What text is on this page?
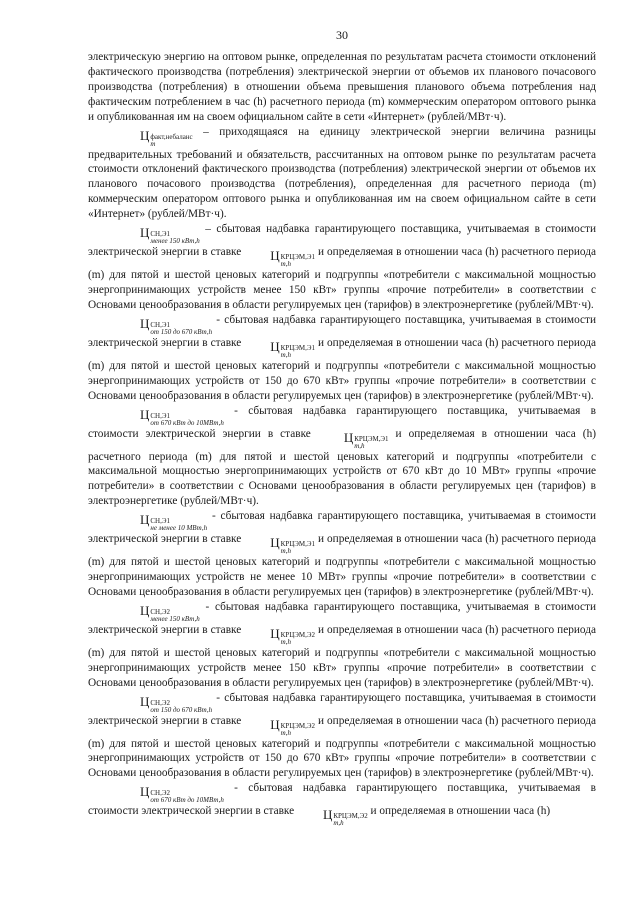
30

электрическую энергию на оптовом рынке, определенная по результатам расчета стоимости отклонений фактического производства (потребления) электрической энергии от объемов их планового почасового производства (потребления) в отношении объема превышения планового объема потребления над фактическим потреблением в час (h) расчетного периода (m) коммерческим оператором оптового рынка и опубликованная им на своем официальном сайте в сети «Интернет» (рублей/МВт·ч).

Ц факт,небаланс
m
– приходящаяся на единицу электрической энергии величина разницы предварительных требований и обязательств, рассчитанных на оптовом рынке по результатам расчета стоимости отклонений фактического производства (потребления) электрической энергии от объемов их планового почасового производства (потребления), определенная для расчетного периода (m) коммерческим оператором оптового рынка и опубликованная им на своем официальном сайте в сети «Интернет» (рублей/МВт·ч).

Ц СН,Э1
менее 150 кВт,h
– сбытовая надбавка гарантирующего поставщика, учитываемая в стоимости электрической энергии в ставке Ц КРЦЭМ,Э1
m,h
и определяемая в отношении часа (h) расчетного периода (m) для пятой и шестой ценовых категорий и подгруппы «потребители с максимальной мощностью энергопринимающих устройств менее 150 кВт» группы «прочие потребители» в соответствии с Основами ценообразования в области регулируемых цен (тарифов) в электроэнергетике (рублей/МВт·ч).

Ц СН,Э1
от 150 до 670 кВт,h
- сбытовая надбавка гарантирующего поставщика, учитываемая в стоимости электрической энергии в ставке Ц КРЦЭМ,Э1
m,h
и определяемая в отношении часа (h) расчетного периода (m) для пятой и шестой ценовых категорий и подгруппы «потребители с максимальной мощностью энергопринимающих устройств от 150 до 670 кВт» группы «прочие потребители» в соответствии с Основами ценообразования в области регулируемых цен (тарифов) в электроэнергетике (рублей/МВт·ч).

Ц СН,Э1
от 670 кВт до 10МВт,h
- сбытовая надбавка гарантирующего поставщика, учитываемая в стоимости электрической энергии в ставке Ц КРЦЭМ,Э1
m,h
и определяемая в отношении часа (h) расчетного периода (m) для пятой и шестой ценовых категорий и подгруппы «потребители с максимальной мощностью энергопринимающих устройств от 670 кВт до 10 МВт» группы «прочие потребители» в соответствии с Основами ценообразования в области регулируемых цен (тарифов) в электроэнергетике (рублей/МВт·ч).

Ц СН,Э1
не менее 10 МВт,h
- сбытовая надбавка гарантирующего поставщика, учитываемая в стоимости электрической энергии в ставке Ц КРЦЭМ,Э1
m,h
и определяемая в отношении часа (h) расчетного периода (m) для пятой и шестой ценовых категорий и подгруппы «потребители с максимальной мощностью энергопринимающих устройств не менее 10 МВт» группы «прочие потребители» в соответствии с Основами ценообразования в области регулируемых цен (тарифов) в электроэнергетике (рублей/МВт·ч).

Ц СН,Э2
менее 150 кВт,h
- сбытовая надбавка гарантирующего поставщика, учитываемая в стоимости электрической энергии в ставке Ц КРЦЭМ,Э2
m,h
и определяемая в отношении часа (h) расчетного периода (m) для пятой и шестой ценовых категорий и подгруппы «потребители с максимальной мощностью энергопринимающих устройств менее 150 кВт» группы «прочие потребители» в соответствии с Основами ценообразования в области регулируемых цен (тарифов) в электроэнергетике (рублей/МВт·ч).

Ц СН,Э2
от 150 до 670 кВт,h
- сбытовая надбавка гарантирующего поставщика, учитываемая в стоимости электрической энергии в ставке Ц КРЦЭМ,Э2
m,h
и определяемая в отношении часа (h) расчетного периода (m) для пятой и шестой ценовых категорий и подгруппы «потребители с максимальной мощностью энергопринимающих устройств от 150 до 670 кВт» группы «прочие потребители» в соответствии с Основами ценообразования в области регулируемых цен (тарифов) в электроэнергетике (рублей/МВт·ч).

Ц СН,Э2
от 670 кВт до 10МВт,h
- сбытовая надбавка гарантирующего поставщика, учитываемая в стоимости электрической энергии в ставке Ц КРЦЭМ,Э2
m,h
и определяемая в отношении часа (h)
